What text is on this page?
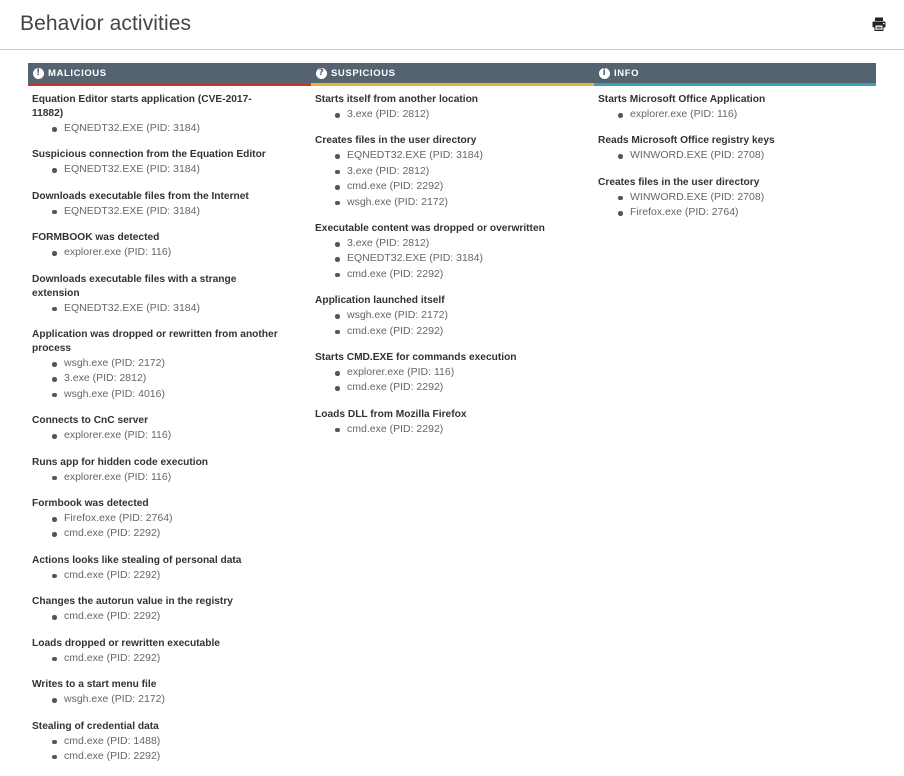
Behavior activities
! MALICIOUS
Equation Editor starts application (CVE-2017-11882)
EQNEDT32.EXE (PID: 3184)
Suspicious connection from the Equation Editor
EQNEDT32.EXE (PID: 3184)
Downloads executable files from the Internet
EQNEDT32.EXE (PID: 3184)
FORMBOOK was detected
explorer.exe (PID: 116)
Downloads executable files with a strange extension
EQNEDT32.EXE (PID: 3184)
Application was dropped or rewritten from another process
wsgh.exe (PID: 2172)
3.exe (PID: 2812)
wsgh.exe (PID: 4016)
Connects to CnC server
explorer.exe (PID: 116)
Runs app for hidden code execution
explorer.exe (PID: 116)
Formbook was detected
Firefox.exe (PID: 2764)
cmd.exe (PID: 2292)
Actions looks like stealing of personal data
cmd.exe (PID: 2292)
Changes the autorun value in the registry
cmd.exe (PID: 2292)
Loads dropped or rewritten executable
cmd.exe (PID: 2292)
Writes to a start menu file
wsgh.exe (PID: 2172)
Stealing of credential data
cmd.exe (PID: 1488)
cmd.exe (PID: 2292)
? SUSPICIOUS
Starts itself from another location
3.exe (PID: 2812)
Creates files in the user directory
EQNEDT32.EXE (PID: 3184)
3.exe (PID: 2812)
cmd.exe (PID: 2292)
wsgh.exe (PID: 2172)
Executable content was dropped or overwritten
3.exe (PID: 2812)
EQNEDT32.EXE (PID: 3184)
cmd.exe (PID: 2292)
Application launched itself
wsgh.exe (PID: 2172)
cmd.exe (PID: 2292)
Starts CMD.EXE for commands execution
explorer.exe (PID: 116)
cmd.exe (PID: 2292)
Loads DLL from Mozilla Firefox
cmd.exe (PID: 2292)
i INFO
Starts Microsoft Office Application
explorer.exe (PID: 116)
Reads Microsoft Office registry keys
WINWORD.EXE (PID: 2708)
Creates files in the user directory
WINWORD.EXE (PID: 2708)
Firefox.exe (PID: 2764)
